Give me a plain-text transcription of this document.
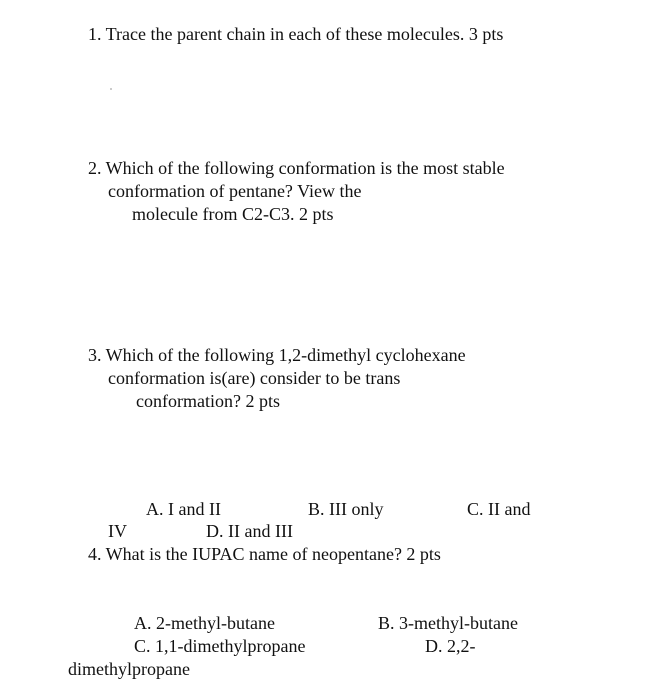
1. Trace the parent chain in each of these molecules. 3 pts
2. Which of the following conformation is the most stable
conformation of pentane? View the
molecule from C2-C3. 2 pts
3. Which of the following 1,2-dimethyl cyclohexane
conformation is(are) consider to be trans
conformation? 2 pts
A. I and II	B. III only	C. II and
IV	D. II and III
4. What is the IUPAC name of neopentane? 2 pts
A. 2-methyl-butane	B. 3-methyl-butane
C. 1,1-dimethylpropane	D. 2,2-
dimethylpropane
